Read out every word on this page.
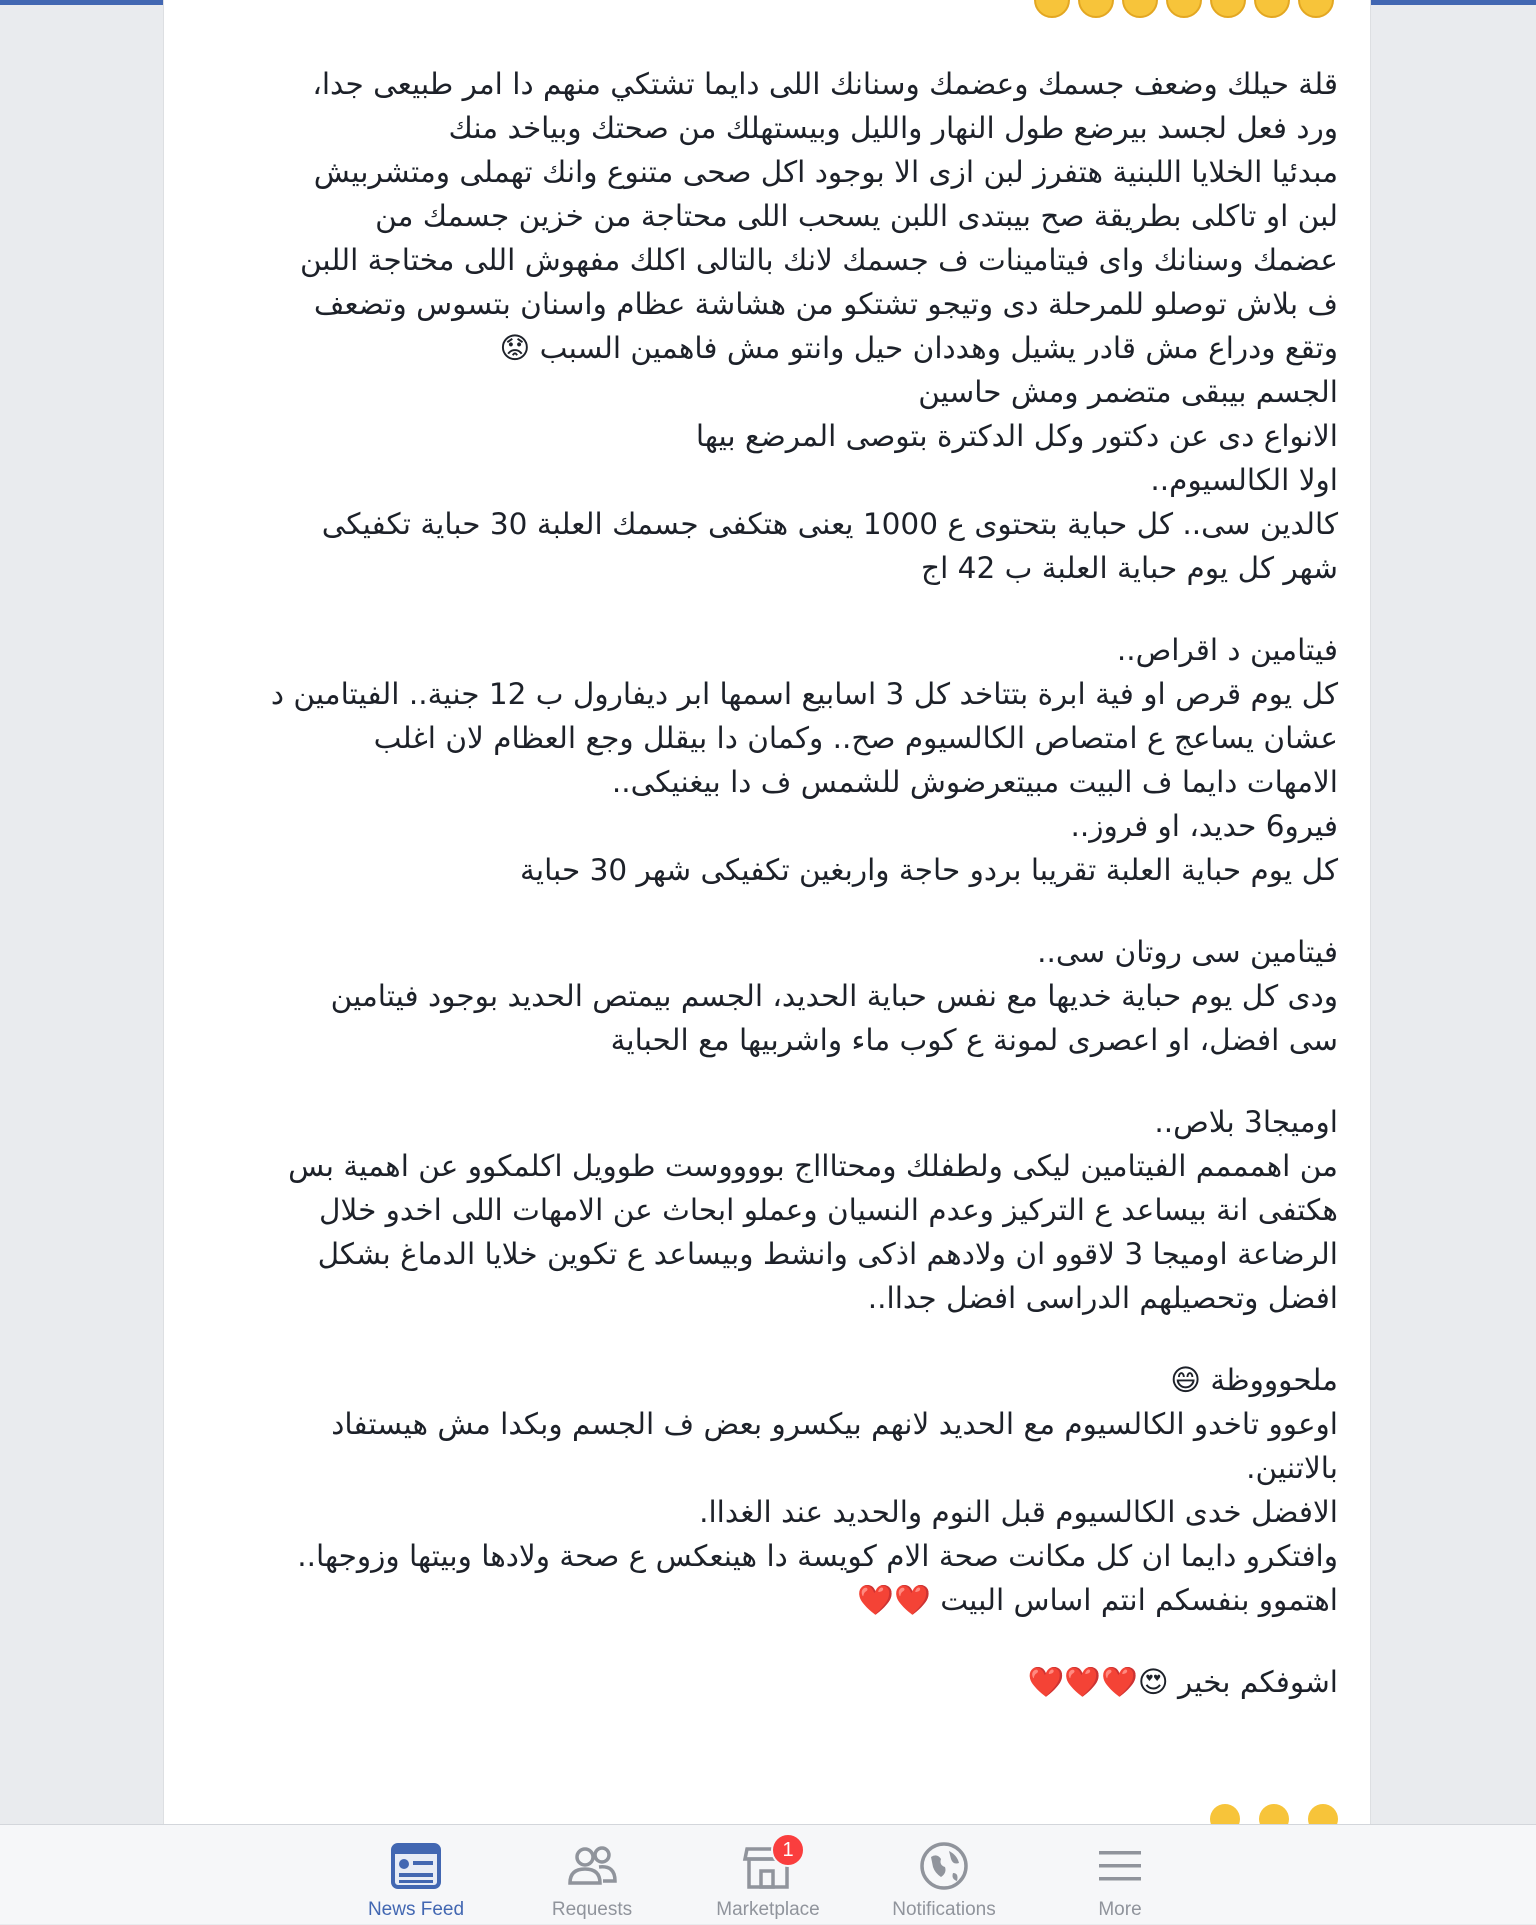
قلة حيلك وضعف جسمك وعضمك وسنانك اللى دايما تشتكي منهم دا امر طبيعى جدا،
ورد فعل لجسد بيرضع طول النهار والليل وبيستهلك من صحتك وبياخد منك
مبدئيا الخلايا اللبنية هتفرز لبن ازى الا بوجود اكل صحى متنوع وانك تهملى ومتشربيش
لبن او تاكلى بطريقة صح بيبتدى اللبن يسحب اللى محتاجة من خزين جسمك من
عضمك وسنانك واى فيتامينات ف جسمك لانك بالتالى اكلك مفهوش اللى مختاجة اللبن
ف بلاش توصلو للمرحلة دى وتيجو تشتكو من هشاشة عظام واسنان بتسوس وتضعف
وتقع ودراع مش قادر يشيل وهددان حيل وانتو مش فاهمين السبب 😟
الجسم بيبقى متضمر ومش حاسين
الانواع دى عن دكتور وكل الدكترة بتوصى المرضع بيها
اولا الكالسيوم..
كالدين سى.. كل حباية بتحتوى ع 1000 يعنى هتكفى جسمك العلبة 30 حباية تكفيكى
شهر كل يوم حباية العلبة ب 42 اج
فيتامين د اقراص..
كل يوم قرص او فية ابرة بتتاخد كل 3 اسابيع اسمها ابر ديفارول ب 12 جنية.. الفيتامين د
عشان يساعج ع امتصاص الكالسيوم صح.. وكمان دا بيقلل وجع العظام لان اغلب
الامهات دايما ف البيت مبيتعرضوش للشمس ف دا بيغنيكى..
فيرو6 حديد، او فروز..
كل يوم حباية العلبة تقريبا بردو حاجة واربغين تكفيكى شهر 30 حباية
فيتامين سى روتان سى..
ودى كل يوم حباية خديها مع نفس حباية الحديد، الجسم بيمتص الحديد بوجود فيتامين
سى افضل، او اعصرى لمونة ع كوب ماء واشربيها مع الحباية
اوميجا3 بلاص..
من اهمممم الفيتامين ليكى ولطفلك ومحتاااج بووووست طوويل اكلمكوو عن اهمية بس
هكتفى انة بيساعد ع التركيز وعدم النسيان وعملو ابحاث عن الامهات اللى اخدو خلال
الرضاعة اوميجا 3 لاقوو ان ولادهم اذكى وانشط وبيساعد ع تكوين خلايا الدماغ بشكل
افضل وتحصيلهم الدراسى افضل جداا..
ملحوووظة 😄
اوعوو تاخدو الكالسيوم مع الحديد لانهم بيكسرو بعض ف الجسم وبكدا مش هيستفاد
بالاتنين.
الافضل خدى الكالسيوم قبل النوم والحديد عند الغداا.
وافتكرو دايما ان كل مكانت صحة الام كويسة دا هينعكس ع صحة ولادها وبيتها وزوجها..
اهتموو بنفسكم انتم اساس البيت ❤️❤️
اشوفكم بخير 😍❤️❤️❤️

News Feed	Requests
1
Marketplace	Notifications	More
